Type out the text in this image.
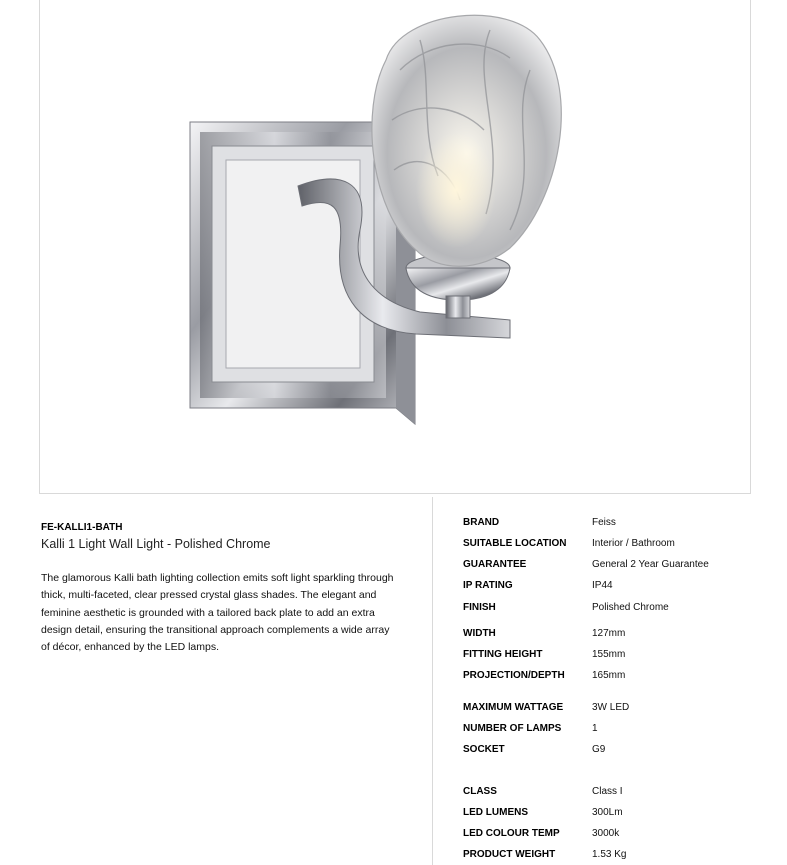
FE-KALLI1-BATH
Kalli 1 Light Wall Light - Polished Chrome

The glamorous Kalli bath lighting collection emits soft light sparkling through thick, multi-faceted, clear pressed crystal glass shades. The elegant and feminine aesthetic is grounded with a tailored back plate to add an extra design detail, ensuring the transitional approach complements a wide array of décor, enhanced by the LED lamps.

BRAND	Feiss
SUITABLE LOCATION	Interior / Bathroom
GUARANTEE	General 2 Year Guarantee
IP RATING	IP44
FINISH	Polished Chrome
WIDTH	127mm
FITTING HEIGHT	155mm
PROJECTION/DEPTH	165mm
MAXIMUM WATTAGE	3W LED
NUMBER OF LAMPS	1
SOCKET	G9
CLASS	Class I
LED LUMENS	300Lm
LED COLOUR TEMP	3000k
PRODUCT WEIGHT	1.53 Kg
